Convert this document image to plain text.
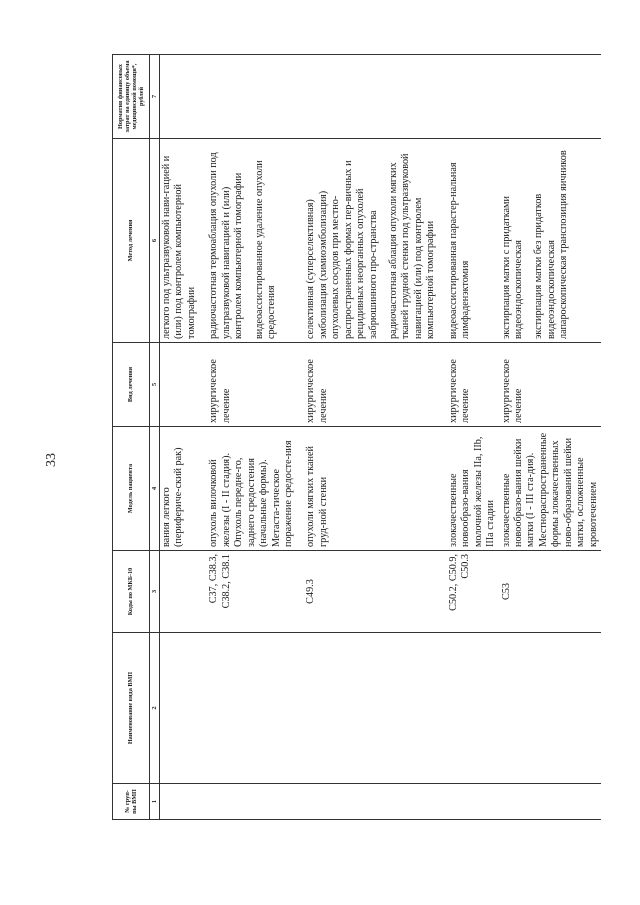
33
№ груп-пы ВМП	Наименование вида ВМП	Коды по МКБ-10	Модель пациента	Вид лечения	Метод лечения	Норматив финансовых затрат на единицу объема медицинской помощи*, рублей
1	2	3	4	5	6	7
			вания легкого (перифериче-ский рак)		легкого под ультразвуковой нави-гацией и (или) под контролем компьютерной томографии	

		C37, C38.3, C38.2, C38.1	опухоль вилочковой железы (I - II стадия). Опухоль передне-го, заднего средостения (начальные формы). Метаста-тическое поражение средосте-ния	хирургическое лечение	радиочастотная термоаблация опухоли под ультразвуковой навигацией и (или) контролем компьютерной томографии видеоассистированное удаление опухоли средостения	

		C49.3	опухоли мягких тканей груд-ной стенки	хирургическое лечение	селективная (суперселективная) эмболизация (химиоэмболизация) опухолевых сосудов при местно-распространенных формах пер-вичных и рецидивных неорганных опухолей забрюшинного про-странства радиочастотная аблация опухоли мягких тканей грудной стенки под ультразвуковой навигацией (или) под контролем компьютерной томографии	

		C50.2, C50.9, C50.3	злокачественные новообразо-вания молочной железы IIa, IIb, IIIa стадии	хирургическое лечение	видеоассистированная парастер-нальная лимфаденэктомия	

		C53	злокачественные новообразо-вания шейки матки (I - III ста-дия). Местнораспространенные формы злокачественных ново-образований шейки матки, осложненные кровотечением	хирургическое лечение	экстирпация матки с придатками видеоэндоскопическая экстирпация матки без придатков видеоэндоскопическая лапароскопическая транспозиция яичников	
